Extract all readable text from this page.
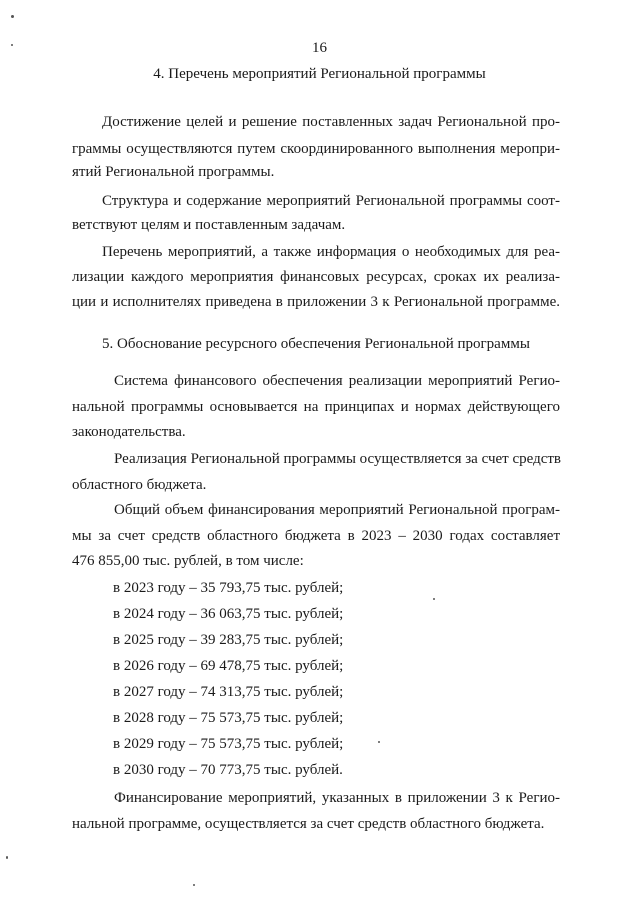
16
4. Перечень мероприятий Региональной программы
Достижение целей и решение поставленных задач Региональной про-
граммы осуществляются путем скоординированного выполнения меропри-
ятий Региональной программы.
Структура и содержание мероприятий Региональной программы соот-
ветствуют целям и поставленным задачам.
Перечень мероприятий, а также информация о необходимых для реа-
лизации каждого мероприятия финансовых ресурсах, сроках их реализа-
ции и исполнителях приведена в приложении 3 к Региональной программе.
5. Обоснование ресурсного обеспечения Региональной программы
Система финансового обеспечения реализации мероприятий Регио-
нальной программы основывается на принципах и нормах действующего
законодательства.
Реализация Региональной программы осуществляется за счет средств
областного бюджета.
Общий объем финансирования мероприятий Региональной програм-
мы за счет средств областного бюджета в 2023 – 2030 годах составляет
476 855,00 тыс. рублей, в том числе:
в 2023 году – 35 793,75 тыс. рублей;
в 2024 году – 36 063,75 тыс. рублей;
в 2025 году – 39 283,75 тыс. рублей;
в 2026 году – 69 478,75 тыс. рублей;
в 2027 году – 74 313,75 тыс. рублей;
в 2028 году – 75 573,75 тыс. рублей;
в 2029 году – 75 573,75 тыс. рублей;
в 2030 году – 70 773,75 тыс. рублей.
Финансирование мероприятий, указанных в приложении 3 к Регио-
нальной программе, осуществляется за счет средств областного бюджета.
